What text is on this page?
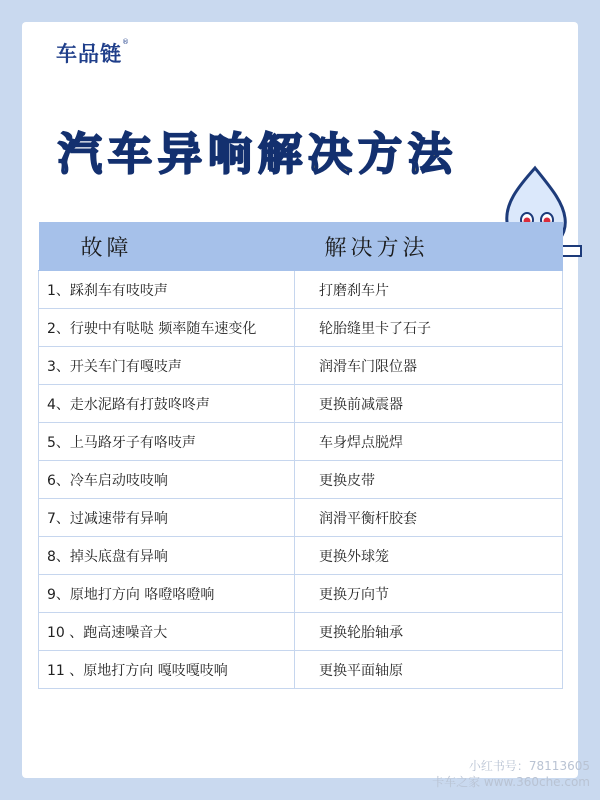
车品链®
汽车异响解决方法
故障	解决方法
1、踩刹车有吱吱声	打磨刹车片
2、行驶中有哒哒 频率随车速变化	轮胎缝里卡了石子
3、开关车门有嘎吱声	润滑车门限位器
4、走水泥路有打鼓咚咚声	更换前减震器
5、上马路牙子有咯吱声	车身焊点脱焊
6、冷车启动吱吱响	更换皮带
7、过减速带有异响	润滑平衡杆胶套
8、掉头底盘有异响	更换外球笼
9、原地打方向 咯噔咯噔响	更换万向节
10 、跑高速噪音大	更换轮胎轴承
11 、原地打方向 嘎吱嘎吱响	更换平面轴原
小红书号：78113605
卡车之家 www.360che.com
